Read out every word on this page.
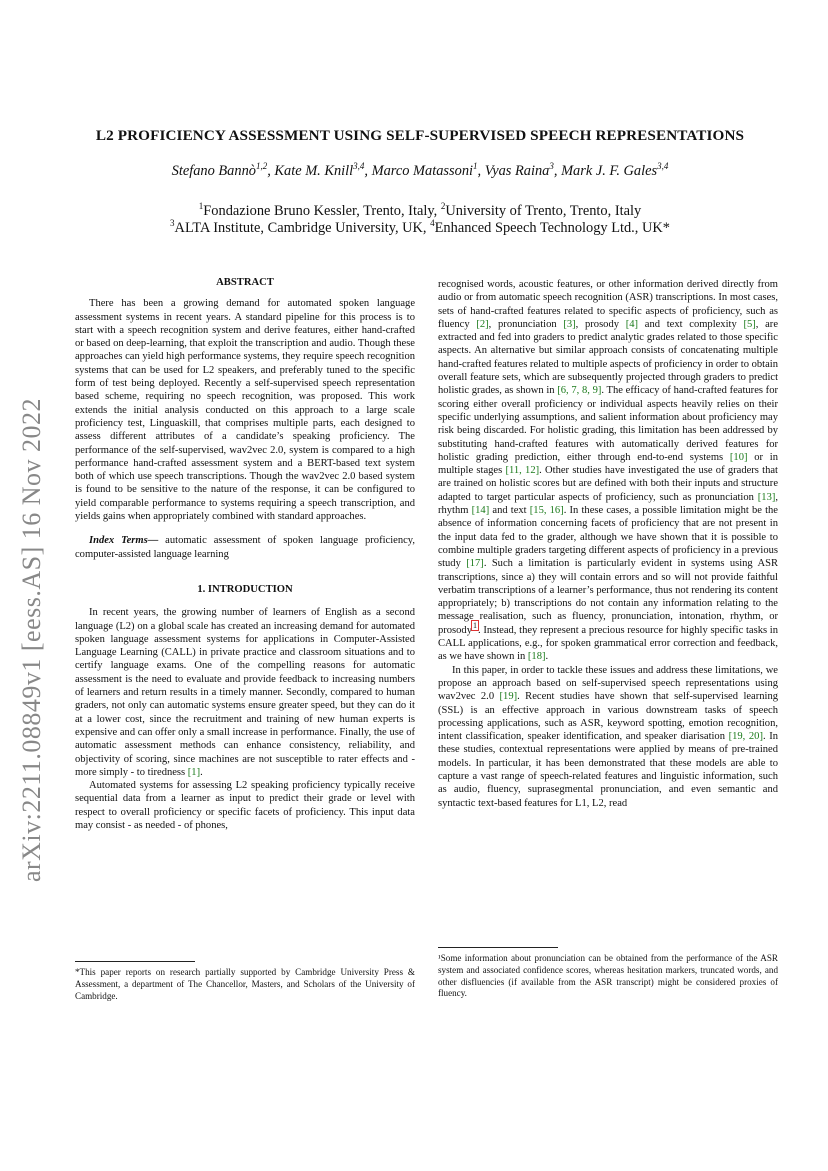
arXiv:2211.08849v1 [eess.AS] 16 Nov 2022
L2 PROFICIENCY ASSESSMENT USING SELF-SUPERVISED SPEECH REPRESENTATIONS
Stefano Bannò$^{1,2}$, Kate M. Knill$^{3,4}$, Marco Matassoni$^1$, Vyas Raina$^3$, Mark J. F. Gales$^{3,4}$
$^1$Fondazione Bruno Kessler, Trento, Italy, $^2$University of Trento, Trento, Italy
$^3$ALTA Institute, Cambridge University, UK, $^4$Enhanced Speech Technology Ltd., UK*
ABSTRACT

There has been a growing demand for automated spoken language assessment systems in recent years. A standard pipeline for this process is to start with a speech recognition system and derive features, either hand-crafted or based on deep-learning, that exploit the transcription and audio. Though these approaches can yield high performance systems, they require speech recognition systems that can be used for L2 speakers, and preferably tuned to the specific form of test being deployed. Recently a self-supervised speech representation based scheme, requiring no speech recognition, was proposed. This work extends the initial analysis conducted on this approach to a large scale proficiency test, Linguaskill, that comprises multiple parts, each designed to assess different attributes of a candidate’s speaking proficiency. The performance of the self-supervised, wav2vec 2.0, system is compared to a high performance hand-crafted assessment system and a BERT-based text system both of which use speech transcriptions. Though the wav2vec 2.0 based system is found to be sensitive to the nature of the response, it can be configured to yield comparable performance to systems requiring a speech transcription, and yields gains when appropriately combined with standard approaches.

Index Terms— automatic assessment of spoken language proficiency, computer-assisted language learning

1. INTRODUCTION

In recent years, the growing number of learners of English as a second language (L2) on a global scale has created an increasing demand for automated spoken language assessment systems for applications in Computer-Assisted Language Learning (CALL) in private practice and classroom situations and to certify language exams. One of the compelling reasons for automatic assessment is the need to evaluate and provide feedback to increasing numbers of learners and return results in a timely manner. Secondly, compared to human graders, not only can automatic systems ensure greater speed, but they can do it at a lower cost, since the recruitment and training of new human experts is expensive and can offer only a small increase in performance. Finally, the use of automatic assessment methods can enhance consistency, reliability, and objectivity of scoring, since machines are not susceptible to rater effects and - more simply - to tiredness [1].

Automated systems for assessing L2 speaking proficiency typically receive sequential data from a learner as input to predict their grade or level with respect to overall proficiency or specific facets of proficiency. This input data may consist - as needed - of phones,

recognised words, acoustic features, or other information derived directly from audio or from automatic speech recognition (ASR) transcriptions. In most cases, sets of hand-crafted features related to specific aspects of proficiency, such as fluency [2], pronunciation [3], prosody [4] and text complexity [5], are extracted and fed into graders to predict analytic grades related to those specific aspects. An alternative but similar approach consists of concatenating multiple hand-crafted features related to multiple aspects of proficiency in order to obtain overall feature sets, which are subsequently projected through graders to predict holistic grades, as shown in [6, 7, 8, 9]. The efficacy of hand-crafted features for scoring either overall proficiency or individual aspects heavily relies on their specific underlying assumptions, and salient information about proficiency may risk being discarded. For holistic grading, this limitation has been addressed by substituting hand-crafted features with automatically derived features for holistic grading prediction, either through end-to-end systems [10] or in multiple stages [11, 12]. Other studies have investigated the use of graders that are trained on holistic scores but are defined with both their inputs and structure adapted to target particular aspects of proficiency, such as pronunciation [13], rhythm [14] and text [15, 16]. In these cases, a possible limitation might be the absence of information concerning facets of proficiency that are not present in the input data fed to the grader, although we have shown that it is possible to combine multiple graders targeting different aspects of proficiency in a previous study [17]. Such a limitation is particularly evident in systems using ASR transcriptions, since a) they will contain errors and so will not provide faithful verbatim transcriptions of a learner’s performance, thus not rendering its content appropriately; b) transcriptions do not contain any information relating to the message realisation, such as fluency, pronunciation, intonation, rhythm, or prosody$^1$. Instead, they represent a precious resource for highly specific tasks in CALL applications, e.g., for spoken grammatical error correction and feedback, as we have shown in [18].

In this paper, in order to tackle these issues and address these limitations, we propose an approach based on self-supervised speech representations using wav2vec 2.0 [19]. Recent studies have shown that self-supervised learning (SSL) is an effective approach in various downstream tasks of speech processing applications, such as ASR, keyword spotting, emotion recognition, intent classification, speaker identification, and speaker diarisation [19, 20]. In these studies, contextual representations were applied by means of pre-trained models. In particular, it has been demonstrated that these models are able to capture a vast range of speech-related features and linguistic information, such as audio, fluency, suprasegmental pronunciation, and even semantic and syntactic text-based features for L1, L2, read

*This paper reports on research partially supported by Cambridge University Press & Assessment, a department of The Chancellor, Masters, and Scholars of the University of Cambridge.
¹Some information about pronunciation can be obtained from the performance of the ASR system and associated confidence scores, whereas hesitation markers, truncated words, and other disfluencies (if available from the ASR transcript) might be considered proxies of fluency.
